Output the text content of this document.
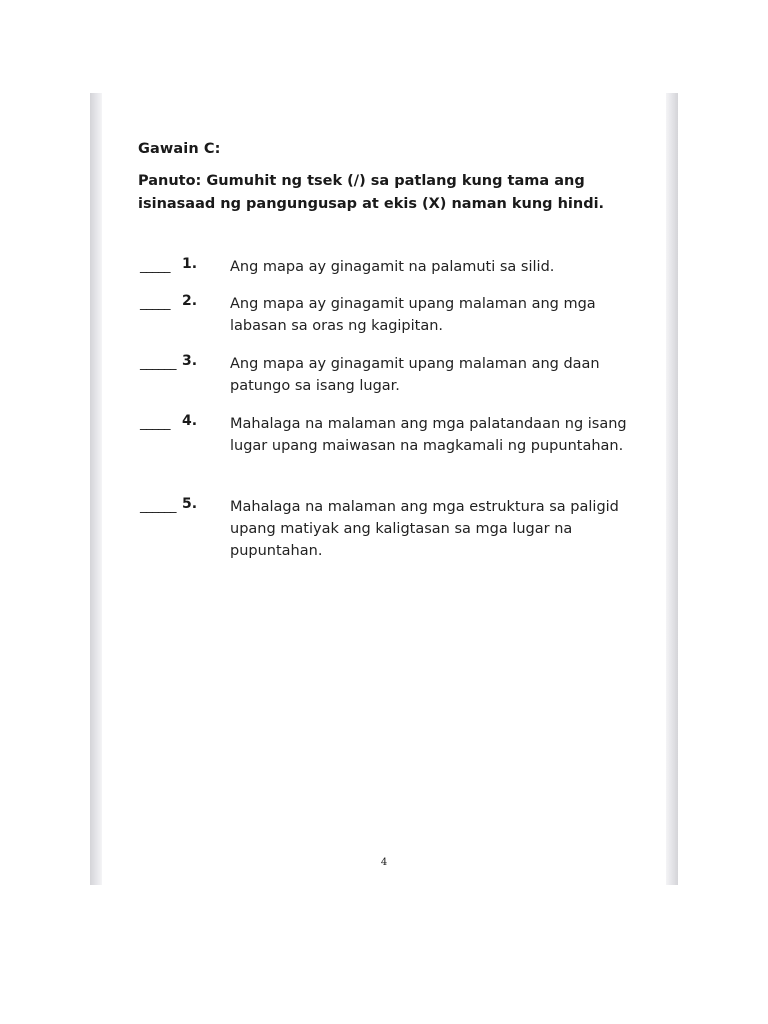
Gawain C:
Panuto: Gumuhit ng tsek (/) sa patlang kung tama ang isinasaad ng pangungusap at ekis (X) naman kung hindi.
_____ 1. Ang mapa ay ginagamit na palamuti sa silid.
_____ 2. Ang mapa ay ginagamit upang malaman ang mga labasan sa oras ng kagipitan.
______ 3. Ang mapa ay ginagamit upang malaman ang daan patungo sa isang lugar.
_____ 4. Mahalaga na malaman ang mga palatandaan ng isang lugar upang maiwasan na magkamali ng pupuntahan.
______ 5. Mahalaga na malaman ang mga estruktura sa paligid upang matiyak ang kaligtasan sa mga lugar na pupuntahan.
4
